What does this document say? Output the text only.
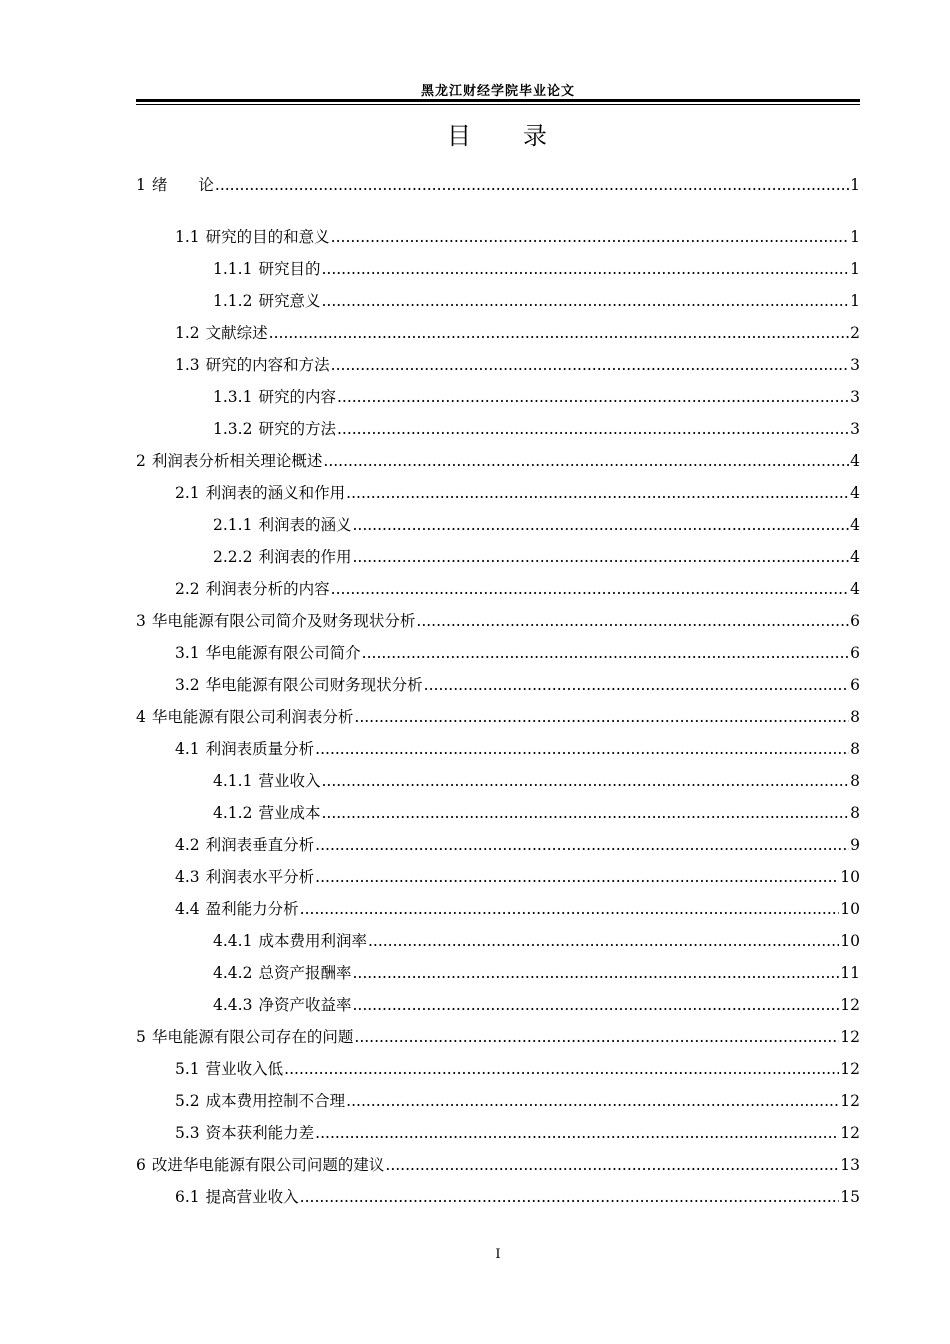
黑龙江财经学院毕业论文
目 录
1 绪　　论 .....	1
1.1 研究的目的和意义 .....	1
1.1.1 研究目的 .....	1
1.1.2 研究意义 .....	1
1.2 文献综述 .....	2
1.3 研究的内容和方法 .....	3
1.3.1 研究的内容 .....	3
1.3.2 研究的方法 .....	3
2 利润表分析相关理论概述 .....	4
2.1 利润表的涵义和作用 .....	4
2.1.1 利润表的涵义 .....	4
2.2.2 利润表的作用 .....	4
2.2 利润表分析的内容 .....	4
3 华电能源有限公司简介及财务现状分析 .....	6
3.1 华电能源有限公司简介 .....	6
3.2 华电能源有限公司财务现状分析 .....	6
4 华电能源有限公司利润表分析 .....	8
4.1 利润表质量分析 .....	8
4.1.1 营业收入 .....	8
4.1.2 营业成本 .....	8
4.2 利润表垂直分析 .....	9
4.3 利润表水平分析 .....	10
4.4 盈利能力分析 .....	10
4.4.1 成本费用利润率 .....	10
4.4.2 总资产报酬率 .....	11
4.4.3 净资产收益率 .....	12
5 华电能源有限公司存在的问题 .....	12
5.1 营业收入低 .....	12
5.2 成本费用控制不合理 .....	12
5.3 资本获利能力差 .....	12
6 改进华电能源有限公司问题的建议 .....	13
6.1 提高营业收入 .....	15
I
